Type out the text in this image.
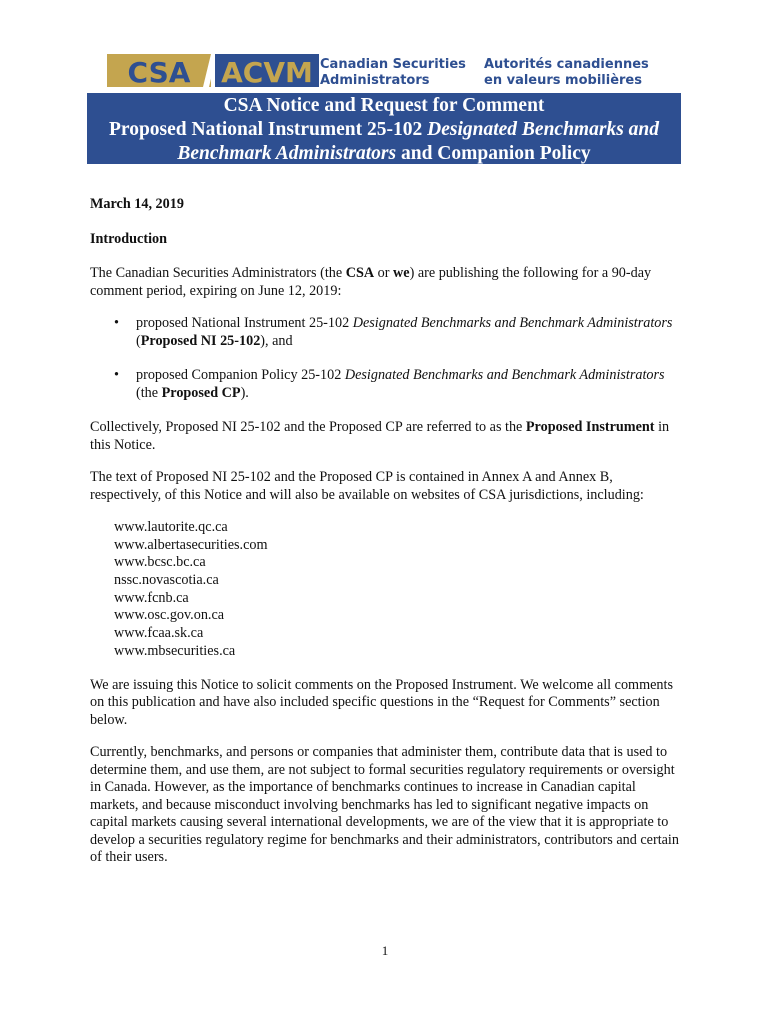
CSA ACVM Canadian Securities
Administrators
Autorités canadiennes
en valeurs mobilières
CSA Notice and Request for Comment
Proposed National Instrument 25-102 Designated Benchmarks and
Benchmark Administrators and Companion Policy

March 14, 2019

Introduction

The Canadian Securities Administrators (the CSA or we) are publishing the following for a 90-day comment period, expiring on June 12, 2019:

• proposed National Instrument 25-102 Designated Benchmarks and Benchmark Administrators (Proposed NI 25-102), and
• proposed Companion Policy 25-102 Designated Benchmarks and Benchmark Administrators (the Proposed CP).

Collectively, Proposed NI 25-102 and the Proposed CP are referred to as the Proposed Instrument in this Notice.

The text of Proposed NI 25-102 and the Proposed CP is contained in Annex A and Annex B, respectively, of this Notice and will also be available on websites of CSA jurisdictions, including:

www.lautorite.qc.ca
www.albertasecurities.com
www.bcsc.bc.ca
nssc.novascotia.ca
www.fcnb.ca
www.osc.gov.on.ca
www.fcaa.sk.ca
www.mbsecurities.ca

We are issuing this Notice to solicit comments on the Proposed Instrument. We welcome all comments on this publication and have also included specific questions in the “Request for Comments” section below.

Currently, benchmarks, and persons or companies that administer them, contribute data that is used to determine them, and use them, are not subject to formal securities regulatory requirements or oversight in Canada. However, as the importance of benchmarks continues to increase in Canadian capital markets, and because misconduct involving benchmarks has led to significant negative impacts on capital markets causing several international developments, we are of the view that it is appropriate to develop a securities regulatory regime for benchmarks and their administrators, contributors and certain of their users.

1
